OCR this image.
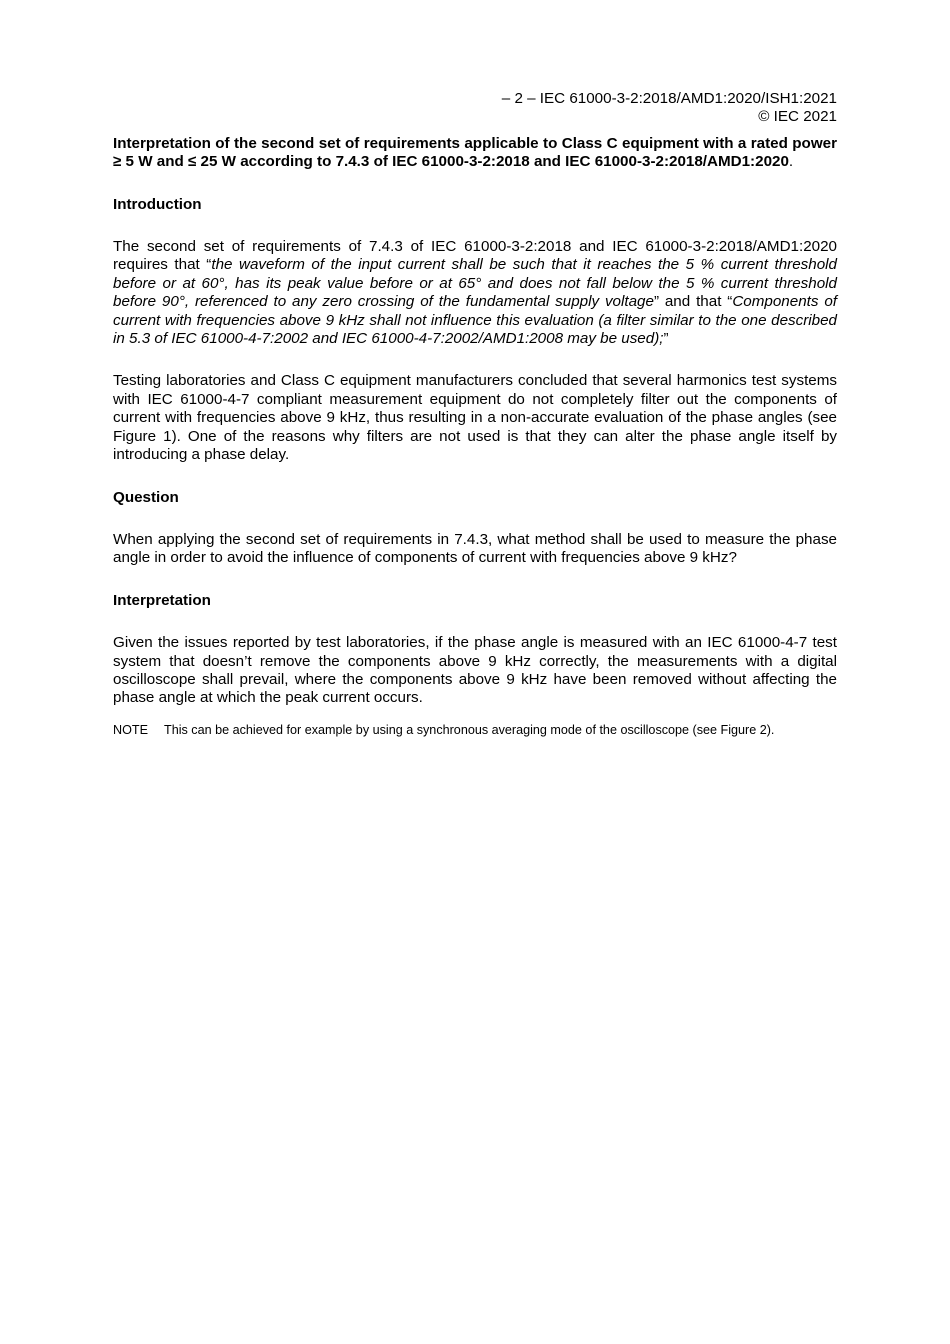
– 2 – IEC 61000-3-2:2018/AMD1:2020/ISH1:2021
© IEC 2021

Interpretation of the second set of requirements applicable to Class C equipment with a rated power ≥ 5 W and ≤ 25 W according to 7.4.3 of IEC 61000-3-2:2018 and IEC 61000-3-2:2018/AMD1:2020.

Introduction

The second set of requirements of 7.4.3 of IEC 61000-3-2:2018 and IEC 61000-3-2:2018/AMD1:2020 requires that “the waveform of the input current shall be such that it reaches the 5 % current threshold before or at 60°, has its peak value before or at 65° and does not fall below the 5 % current threshold before 90°, referenced to any zero crossing of the fundamental supply voltage” and that “Components of current with frequencies above 9 kHz shall not influence this evaluation (a filter similar to the one described in 5.3 of IEC 61000-4-7:2002 and IEC 61000-4-7:2002/AMD1:2008 may be used);”

Testing laboratories and Class C equipment manufacturers concluded that several harmonics test systems with IEC 61000-4-7 compliant measurement equipment do not completely filter out the components of current with frequencies above 9 kHz, thus resulting in a non-accurate evaluation of the phase angles (see Figure 1). One of the reasons why filters are not used is that they can alter the phase angle itself by introducing a phase delay.

Question

When applying the second set of requirements in 7.4.3, what method shall be used to measure the phase angle in order to avoid the influence of components of current with frequencies above 9 kHz?

Interpretation

Given the issues reported by test laboratories, if the phase angle is measured with an IEC 61000-4-7 test system that doesn’t remove the components above 9 kHz correctly, the measurements with a digital oscilloscope shall prevail, where the components above 9 kHz have been removed without affecting the phase angle at which the peak current occurs.

NOTE This can be achieved for example by using a synchronous averaging mode of the oscilloscope (see Figure 2).
